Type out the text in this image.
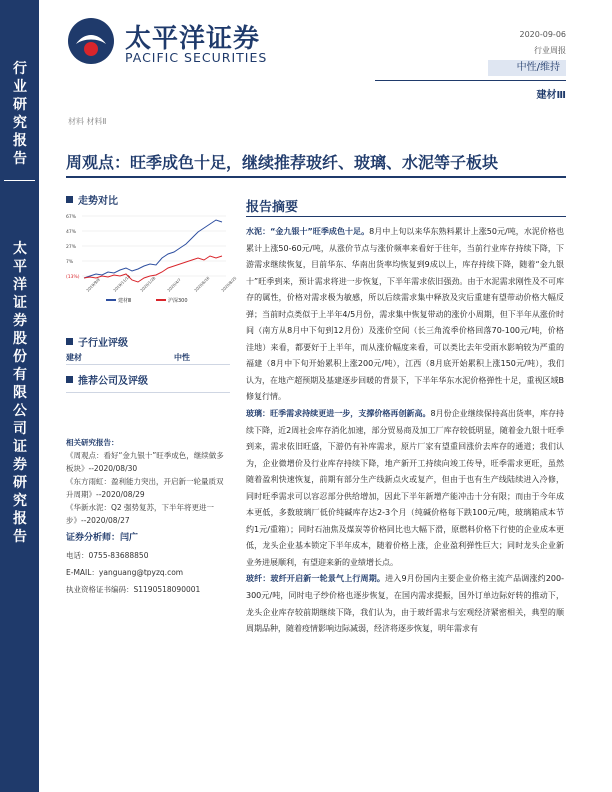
行业研究报告
太平洋证券股份有限公司证券研究报告
太平洋证券
PACIFIC SECURITIES
2020-09-06
行业周报
中性/维持
建材Ⅲ
材料 材料Ⅱ
周观点：旺季成色十足，继续推荐玻纤、玻璃、水泥等子板块
走势对比
67%
47%
27%
7%
(13%) 2019/9/9	2019/11/18 2020/1/28	2020/4/7	2020/6/16	2020/8/25
建材Ⅲ	沪深300
子行业评级
建材	中性
推荐公司及评级
相关研究报告：
《周观点：看好“金九银十”旺季成色，继续做多板块》--2020/08/30
《东方雨虹：盈利能力突出，开启新一轮量质双升周期》--2020/08/29
《华新水泥：Q2 强势复苏，下半年将更进一步》--2020/08/27
证券分析师：闫广
电话：0755-83688850
E-MAIL：yanguang@tpyzq.com
执业资格证书编码：S1190518090001
报告摘要

水泥：“金九银十”旺季成色十足。8月中上旬以来华东熟料累计上涨50元/吨，水泥价格也累计上涨50-60元/吨，从涨价节点与涨价频率来看好于往年，当前行业库存持续下降，下游需求继续恢复，目前华东、华南出货率均恢复到9成以上，库存持续下降，随着“金九银十”旺季到来，预计需求将进一步恢复，下半年需求依旧强劲。由于水泥需求刚性及不可库存的属性，价格对需求极为敏感，所以后续需求集中释放及灾后重建有望带动价格大幅反弹；当前时点类似于上半年4/5月份，需求集中恢复带动的涨价小周期，但下半年从涨价时间（南方从8月中下旬到12月份）及涨价空间（长三角流季价格回落70-100元/吨，价格洼地）来看，都要好于上半年，而从涨价幅度来看，可以类比去年受雨水影响较为严重的福建（8月中下旬开始累积上涨200元/吨），江西（8月底开始累积上涨150元/吨），我们认为，在地产超预期及基建逐步回暖的背景下，下半年华东水泥价格弹性十足，重视区域B修复行情。

玻璃：旺季需求持续更进一步，支撑价格再创新高。8月份企业继续保持高出货率，库存持续下降，近2周社会库存消化加速，部分贸易商及加工厂库存较低明显，随着金九银十旺季到来，需求依旧旺盛，下游仍有补库需求，原片厂家有望重回涨价去库存的通道；我们认为，企业微增价及行业库存持续下降，地产新开工持续向竣工传导，旺季需求更旺，虽然随着盈利快速恢复，前期有部分生产线新点火或复产，但由于也有生产线陆续进入冷修，同时旺季需求可以容忍部分供给增加，因此下半年新增产能冲击十分有限；而由于今年成本更低，多数玻璃厂低价纯碱库存达2-3个月（纯碱价格每下跌100元/吨，玻璃箱成本节约1元/重箱）；同时石油焦及煤炭等价格同比也大幅下滑，原燃料价格下行使的企业成本更低，龙头企业基本锁定下半年成本，随着价格上涨，企业盈利弹性巨大；同时龙头企业新业务进展顺利，有望迎来新的业绩增长点。

玻纤：玻纤开启新一轮景气上行周期。进入9月份国内主要企业价格主流产品调涨约200-300元/吨，同时电子纱价格也逐步恢复，在国内需求提振，国外订单边际好转的推动下，龙头企业库存较前期继续下降，我们认为，由于玻纤需求与宏观经济紧密相关，典型的顺周期品种，随着疫情影响边际减弱，经济将逐步恢复，明年需求有
